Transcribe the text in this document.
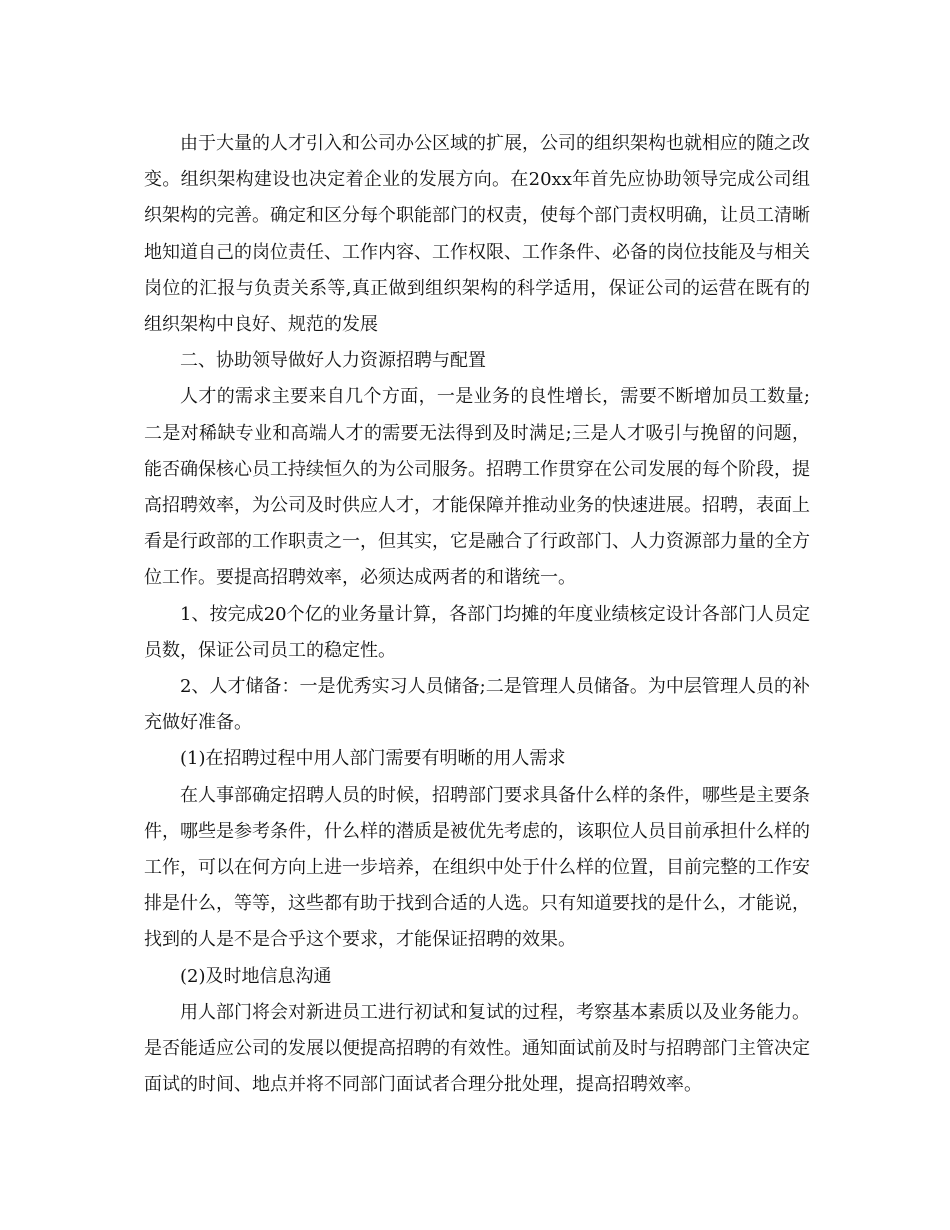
由于大量的人才引入和公司办公区域的扩展，公司的组织架构也就相应的随之改变。组织架构建设也决定着企业的发展方向。在20xx年首先应协助领导完成公司组织架构的完善。确定和区分每个职能部门的权责，使每个部门责权明确，让员工清晰地知道自己的岗位责任、工作内容、工作权限、工作条件、必备的岗位技能及与相关岗位的汇报与负责关系等,真正做到组织架构的科学适用，保证公司的运营在既有的组织架构中良好、规范的发展

二、协助领导做好人力资源招聘与配置

人才的需求主要来自几个方面，一是业务的良性增长，需要不断增加员工数量;二是对稀缺专业和高端人才的需要无法得到及时满足;三是人才吸引与挽留的问题，能否确保核心员工持续恒久的为公司服务。招聘工作贯穿在公司发展的每个阶段，提高招聘效率，为公司及时供应人才，才能保障并推动业务的快速进展。招聘，表面上看是行政部的工作职责之一，但其实，它是融合了行政部门、人力资源部力量的全方位工作。要提高招聘效率，必须达成两者的和谐统一。

1、按完成20个亿的业务量计算，各部门均摊的年度业绩核定设计各部门人员定员数，保证公司员工的稳定性。

2、人才储备：一是优秀实习人员储备;二是管理人员储备。为中层管理人员的补充做好准备。

(1)在招聘过程中用人部门需要有明晰的用人需求

在人事部确定招聘人员的时候，招聘部门要求具备什么样的条件，哪些是主要条件，哪些是参考条件，什么样的潜质是被优先考虑的，该职位人员目前承担什么样的工作，可以在何方向上进一步培养，在组织中处于什么样的位置，目前完整的工作安排是什么，等等，这些都有助于找到合适的人选。只有知道要找的是什么，才能说，找到的人是不是合乎这个要求，才能保证招聘的效果。

(2)及时地信息沟通

用人部门将会对新进员工进行初试和复试的过程，考察基本素质以及业务能力。是否能适应公司的发展以便提高招聘的有效性。通知面试前及时与招聘部门主管决定面试的时间、地点并将不同部门面试者合理分批处理，提高招聘效率。
